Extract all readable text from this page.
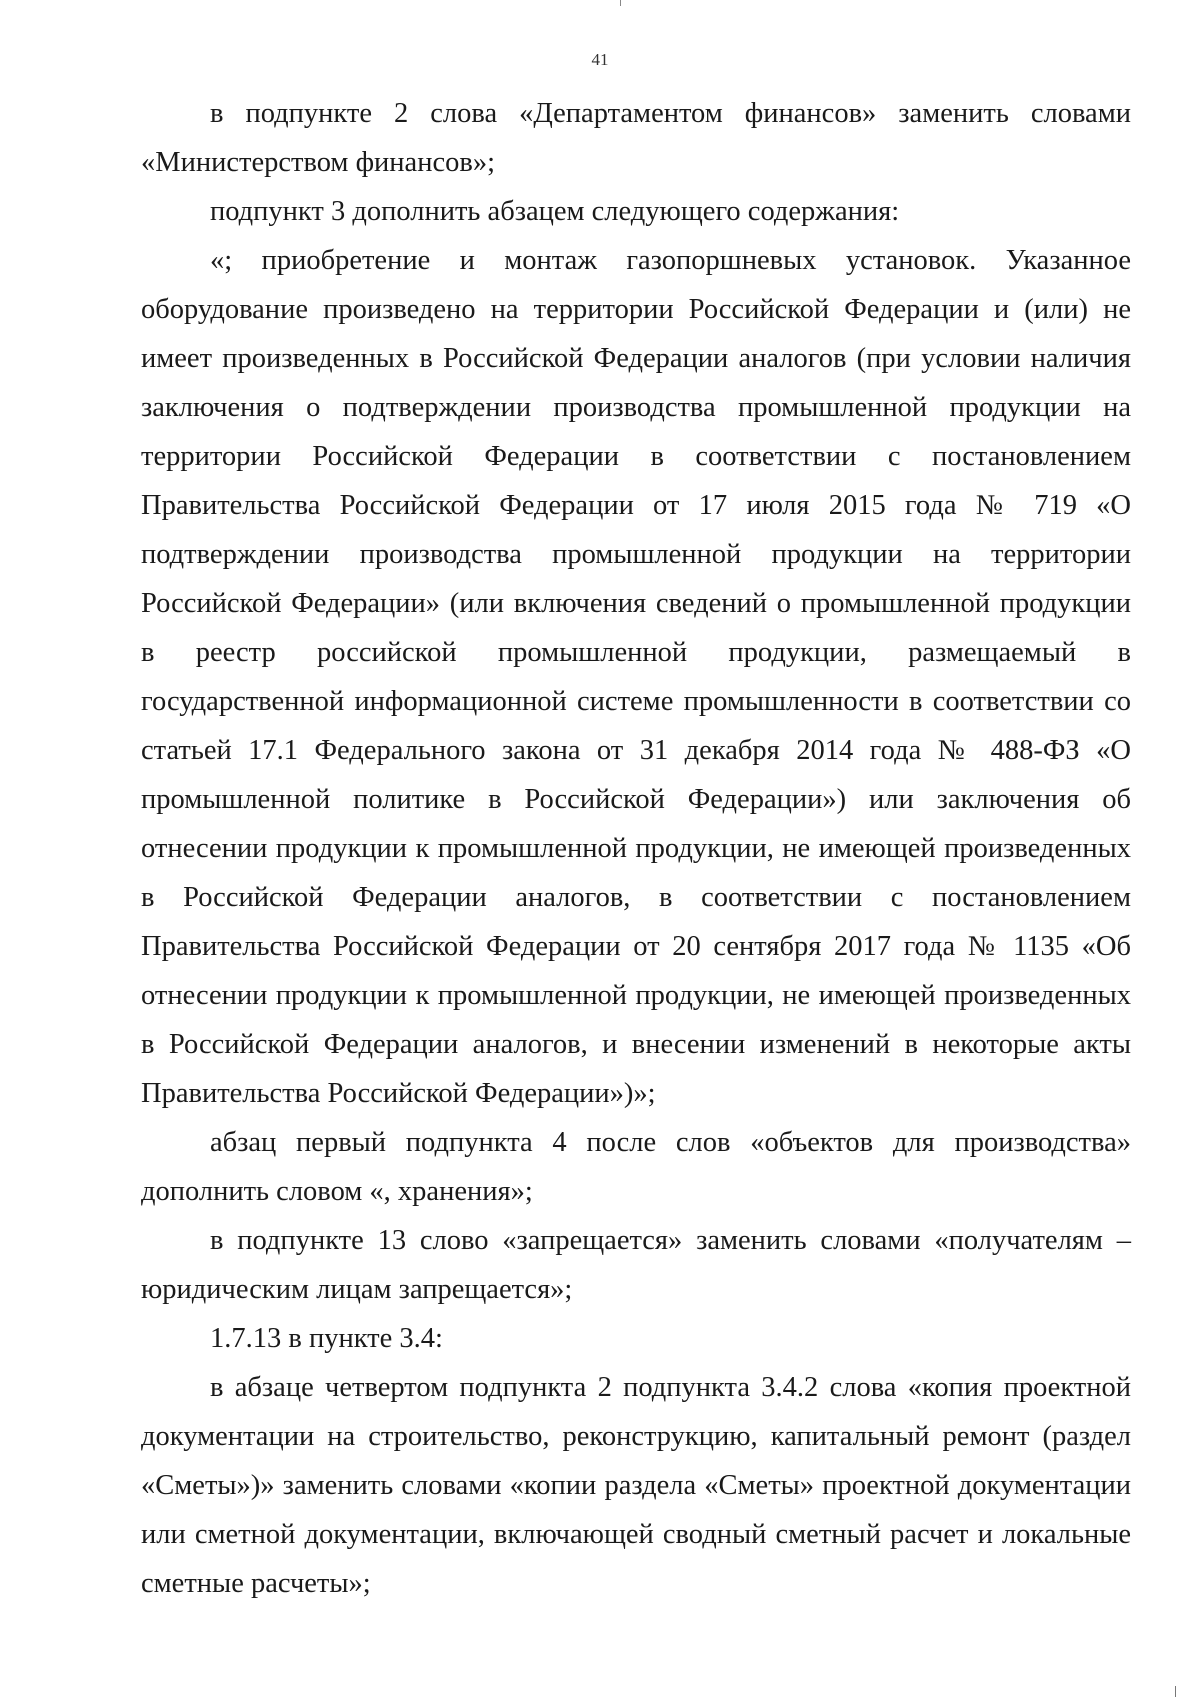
41

в подпункте 2 слова «Департаментом финансов» заменить словами «Министерством финансов»;

подпункт 3 дополнить абзацем следующего содержания:

«; приобретение и монтаж газопоршневых установок. Указанное оборудование произведено на территории Российской Федерации и (или) не имеет произведенных в Российской Федерации аналогов (при условии наличия заключения о подтверждении производства промышленной продукции на территории Российской Федерации в соответствии с постановлением Правительства Российской Федерации от 17 июля 2015 года № 719 «О подтверждении производства промышленной продукции на территории Российской Федерации» (или включения сведений о промышленной продукции в реестр российской промышленной продукции, размещаемый в государственной информационной системе промышленности в соответствии со статьей 17.1 Федерального закона от 31 декабря 2014 года № 488-ФЗ «О промышленной политике в Российской Федерации») или заключения об отнесении продукции к промышленной продукции, не имеющей произведенных в Российской Федерации аналогов, в соответствии с постановлением Правительства Российской Федерации от 20 сентября 2017 года № 1135 «Об отнесении продукции к промышленной продукции, не имеющей произведенных в Российской Федерации аналогов, и внесении изменений в некоторые акты Правительства Российской Федерации»)»;

абзац первый подпункта 4 после слов «объектов для производства» дополнить словом «, хранения»;

в подпункте 13 слово «запрещается» заменить словами «получателям – юридическим лицам запрещается»;

1.7.13 в пункте 3.4:

в абзаце четвертом подпункта 2 подпункта 3.4.2 слова «копия проектной документации на строительство, реконструкцию, капитальный ремонт (раздел «Сметы»)» заменить словами «копии раздела «Сметы» проектной документации или сметной документации, включающей сводный сметный расчет и локальные сметные расчеты»;
